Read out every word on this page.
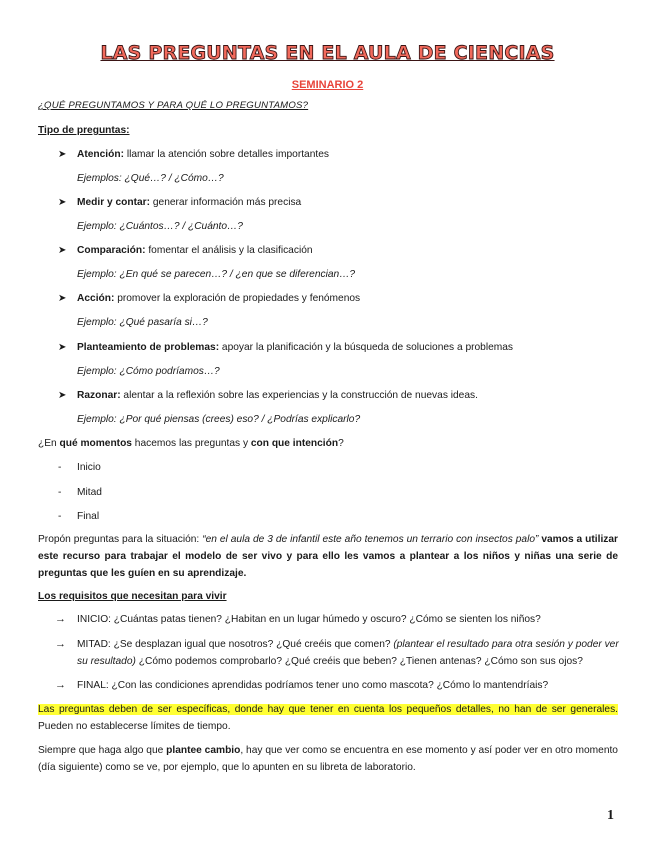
LAS PREGUNTAS EN EL AULA DE CIENCIAS
SEMINARIO 2
¿QUÉ PREGUNTAMOS Y PARA QUÉ LO PREGUNTAMOS?
Tipo de preguntas:
➤ Atención: llamar la atención sobre detalles importantes
Ejemplos: ¿Qué…? / ¿Cómo…?
➤ Medir y contar: generar información más precisa
Ejemplo: ¿Cuántos…? / ¿Cuánto…?
➤ Comparación: fomentar el análisis y la clasificación
Ejemplo: ¿En qué se parecen…? / ¿en que se diferencian…?
➤ Acción: promover la exploración de propiedades y fenómenos
Ejemplo: ¿Qué pasaría si…?
➤ Planteamiento de problemas: apoyar la planificación y la búsqueda de soluciones a problemas
Ejemplo: ¿Cómo podríamos…?
➤ Razonar: alentar a la reflexión sobre las experiencias y la construcción de nuevas ideas.
Ejemplo: ¿Por qué piensas (crees) eso? / ¿Podrías explicarlo?
¿En qué momentos hacemos las preguntas y con que intención?
- Inicio
- Mitad
- Final
Propón preguntas para la situación: “en el aula de 3 de infantil este año tenemos un terrario con insectos palo” vamos a utilizar este recurso para trabajar el modelo de ser vivo y para ello les vamos a plantear a los niños y niñas una serie de preguntas que les guíen en su aprendizaje.
Los requisitos que necesitan para vivir
→ INICIO: ¿Cuántas patas tienen? ¿Habitan en un lugar húmedo y oscuro? ¿Cómo se sienten los niños?
→ MITAD: ¿Se desplazan igual que nosotros? ¿Qué creéis que comen? (plantear el resultado para otra sesión y poder ver su resultado) ¿Cómo podemos comprobarlo? ¿Qué creéis que beben? ¿Tienen antenas? ¿Cómo son sus ojos?
→ FINAL: ¿Con las condiciones aprendidas podríamos tener uno como mascota? ¿Cómo lo mantendríais?
Las preguntas deben de ser específicas, donde hay que tener en cuenta los pequeños detalles, no han de ser generales. Pueden no establecerse límites de tiempo.
Siempre que haga algo que plantee cambio, hay que ver como se encuentra en ese momento y así poder ver en otro momento (día siguiente) como se ve, por ejemplo, que lo apunten en su libreta de laboratorio.
1
